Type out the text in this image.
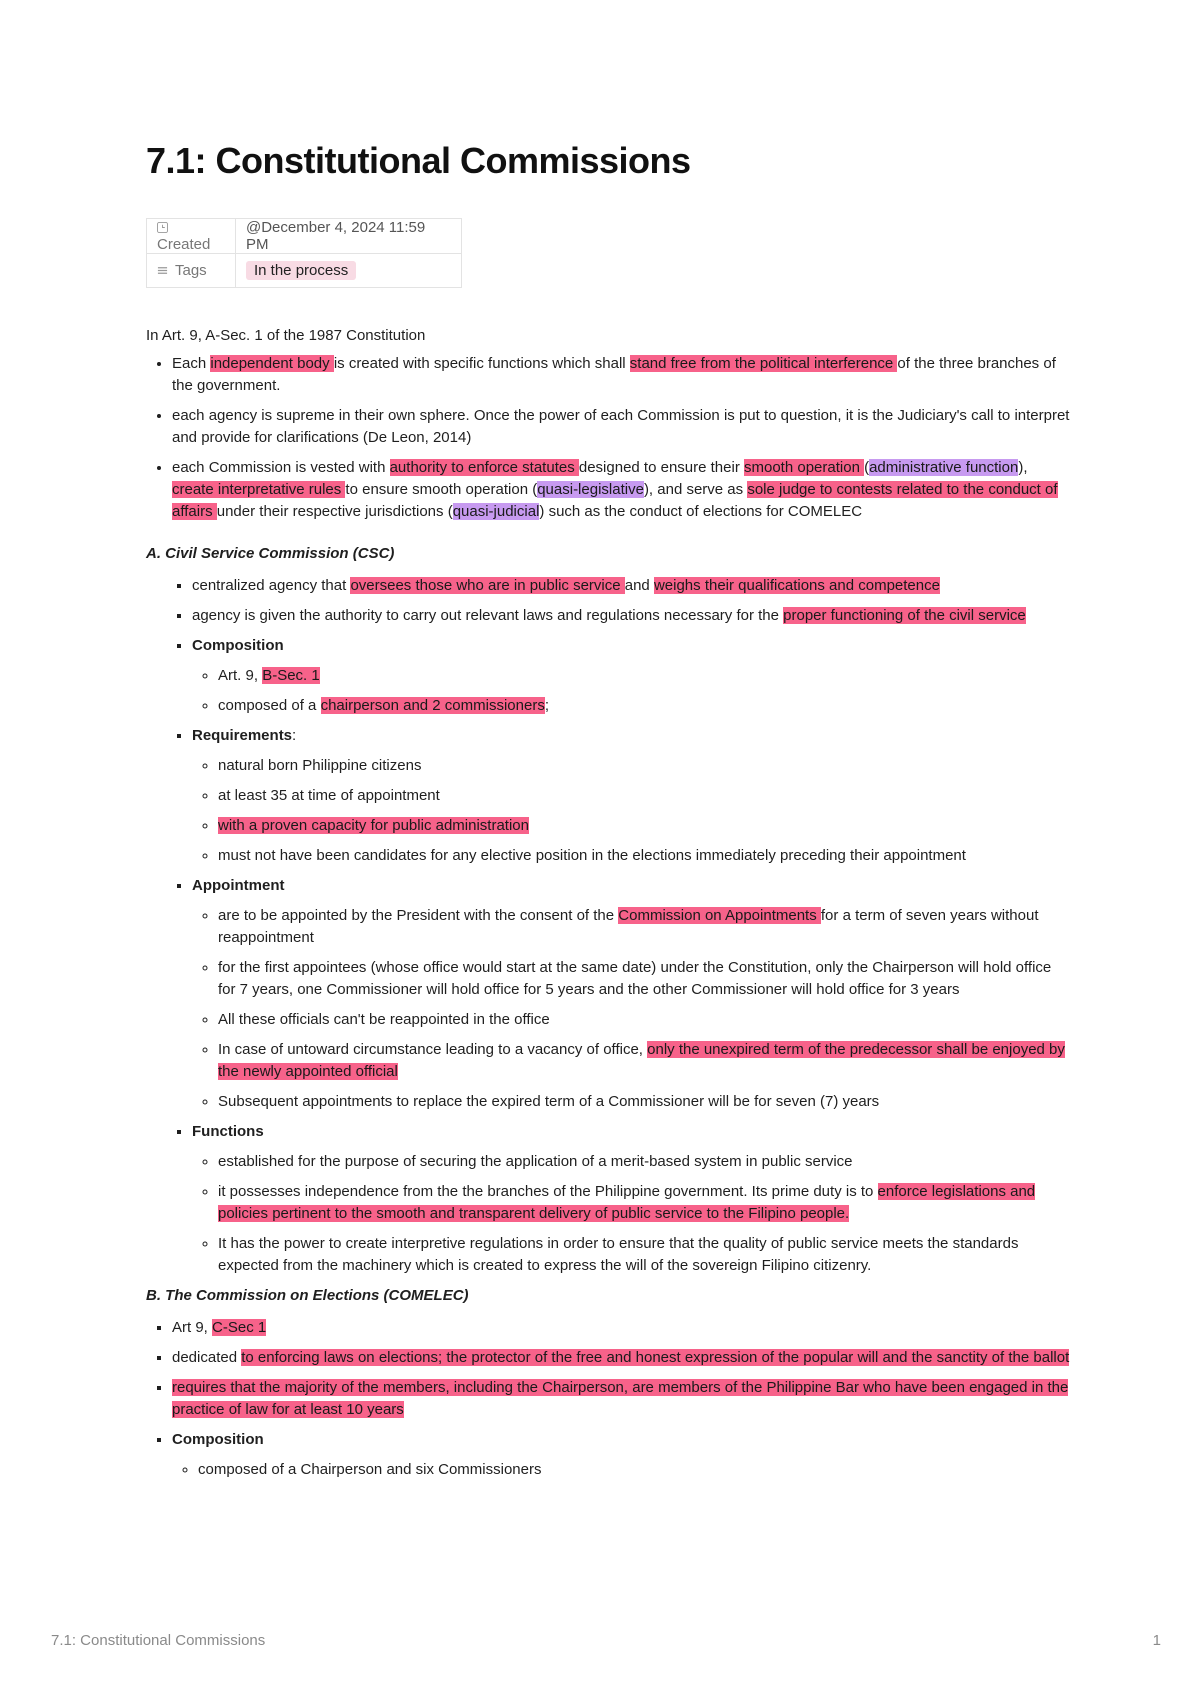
7.1: Constitutional Commissions
Created	@December 4, 2024 11:59 PM
Tags	In the process

In Art. 9, A-Sec. 1 of the 1987 Constitution

• Each independent body is created with specific functions which shall stand free from the political interference of the three branches of the government.
• each agency is supreme in their own sphere. Once the power of each Commission is put to question, it is the Judiciary's call to interpret and provide for clarifications (De Leon, 2014)
• each Commission is vested with authority to enforce statutes designed to ensure their smooth operation (administrative function), create interpretative rules to ensure smooth operation (quasi-legislative), and serve as sole judge to contests related to the conduct of affairs under their respective jurisdictions (quasi-judicial) such as the conduct of elections for COMELEC
A. Civil Service Commission (CSC)
▪ centralized agency that oversees those who are in public service and weighs their qualifications and competence
▪ agency is given the authority to carry out relevant laws and regulations necessary for the proper functioning of the civil service
▪ Composition
◦ Art. 9, B-Sec. 1
◦ composed of a chairperson and 2 commissioners;
▪ Requirements:
◦ natural born Philippine citizens
◦ at least 35 at time of appointment
◦ with a proven capacity for public administration
◦ must not have been candidates for any elective position in the elections immediately preceding their appointment
▪ Appointment
◦ are to be appointed by the President with the consent of the Commission on Appointments for a term of seven years without reappointment
◦ for the first appointees (whose office would start at the same date) under the Constitution, only the Chairperson will hold office for 7 years, one Commissioner will hold office for 5 years and the other Commissioner will hold office for 3 years
◦ All these officials can't be reappointed in the office
◦ In case of untoward circumstance leading to a vacancy of office, only the unexpired term of the predecessor shall be enjoyed by the newly appointed official
◦ Subsequent appointments to replace the expired term of a Commissioner will be for seven (7) years
▪ Functions
◦ established for the purpose of securing the application of a merit-based system in public service
◦ it possesses independence from the the branches of the Philippine government. Its prime duty is to enforce legislations and policies pertinent to the smooth and transparent delivery of public service to the Filipino people.
◦ It has the power to create interpretive regulations in order to ensure that the quality of public service meets the standards expected from the machinery which is created to express the will of the sovereign Filipino citizenry.
B. The Commission on Elections (COMELEC)
▪ Art 9, C-Sec 1
▪ dedicated to enforcing laws on elections; the protector of the free and honest expression of the popular will and the sanctity of the ballot
▪ requires that the majority of the members, including the Chairperson, are members of the Philippine Bar who have been engaged in the practice of law for at least 10 years
▪ Composition
◦ composed of a Chairperson and six Commissioners
7.1: Constitutional Commissions	1
